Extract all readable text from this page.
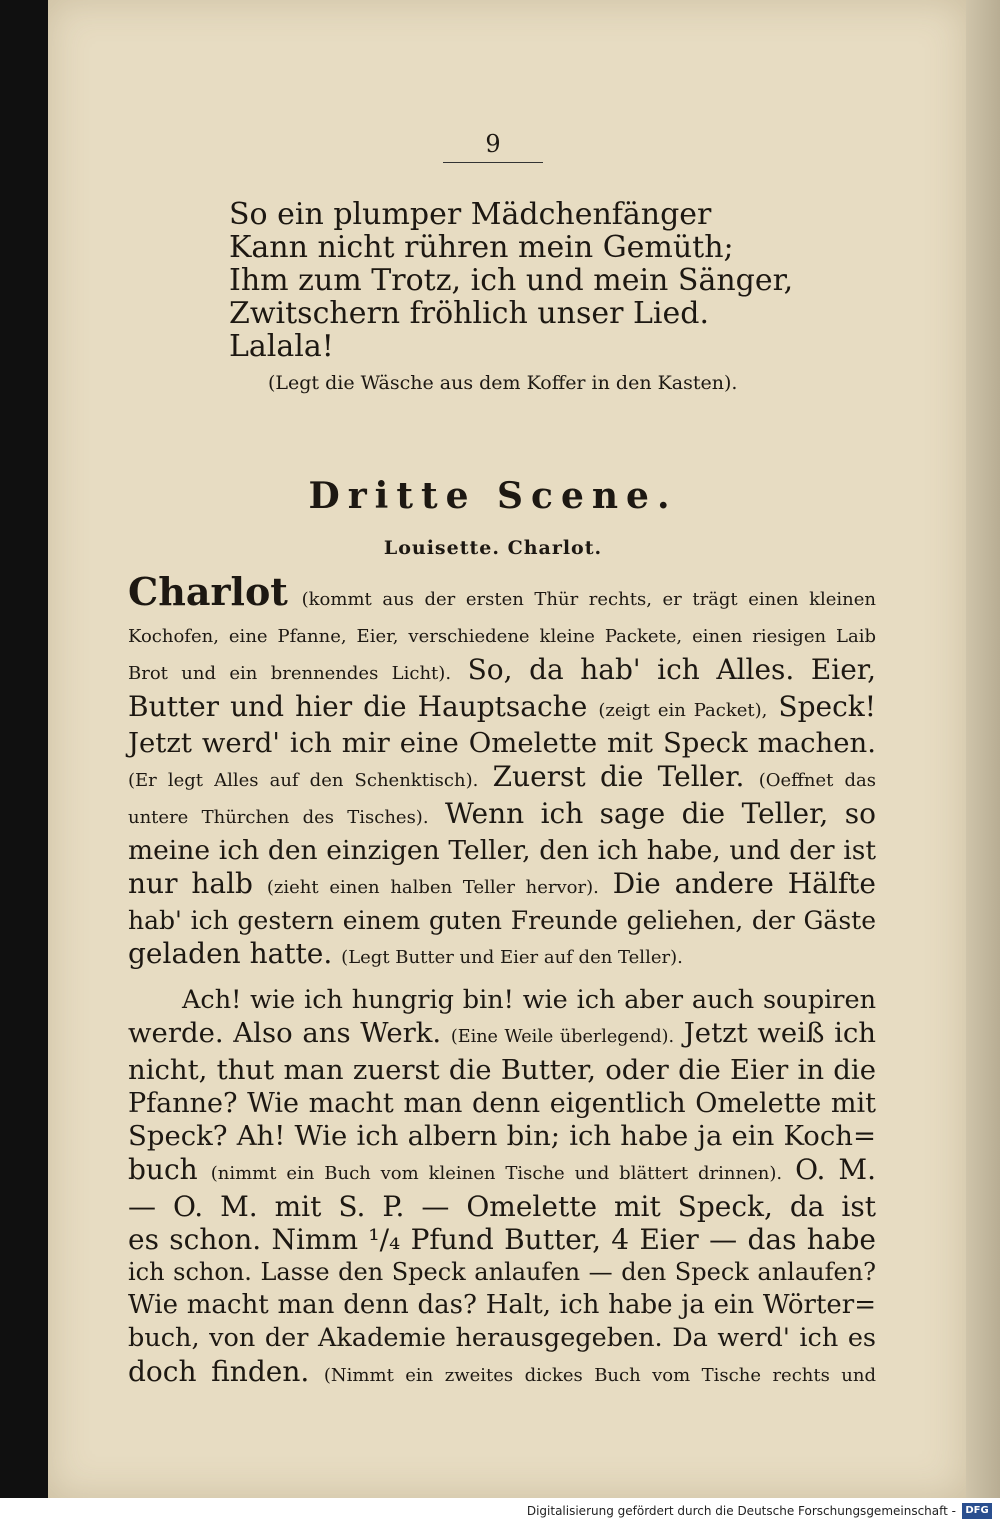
9
So ein plumper Mädchenfänger
Kann nicht rühren mein Gemüth;
Ihm zum Trotz, ich und mein Sänger,
Zwitschern fröhlich unser Lied.
Lalala!
(Legt die Wäsche aus dem Koffer in den Kasten).
Dritte Scene.
Louisette. Charlot.
Charlot (kommt aus der ersten Thür rechts, er trägt einen kleinen
Kochofen, eine Pfanne, Eier, verschiedene kleine Packete, einen riesigen Laib
Brot und ein brennendes Licht). So, da hab' ich Alles. Eier,
Butter und hier die Hauptsache (zeigt ein Packet), Speck!
Jetzt werd' ich mir eine Omelette mit Speck machen.
(Er legt Alles auf den Schenktisch). Zuerst die Teller. (Oeffnet das
untere Thürchen des Tisches). Wenn ich sage die Teller, so
meine ich den einzigen Teller, den ich habe, und der ist
nur halb (zieht einen halben Teller hervor). Die andere Hälfte
hab' ich gestern einem guten Freunde geliehen, der Gäste
geladen hatte. (Legt Butter und Eier auf den Teller).
Ach! wie ich hungrig bin! wie ich aber auch soupiren
werde. Also ans Werk. (Eine Weile überlegend). Jetzt weiß ich
nicht, thut man zuerst die Butter, oder die Eier in die
Pfanne? Wie macht man denn eigentlich Omelette mit
Speck? Ah! Wie ich albern bin; ich habe ja ein Koch=
buch (nimmt ein Buch vom kleinen Tische und blättert drinnen). O. M.
— O. M. mit S. P. — Omelette mit Speck, da ist
es schon. Nimm ¹/₄ Pfund Butter, 4 Eier — das habe
ich schon. Lasse den Speck anlaufen — den Speck anlaufen?
Wie macht man denn das? Halt, ich habe ja ein Wörter=
buch, von der Akademie herausgegeben. Da werd' ich es
doch finden. (Nimmt ein zweites dickes Buch vom Tische rechts und
Digitalisierung gefördert durch die Deutsche Forschungsgemeinschaft - DFG
